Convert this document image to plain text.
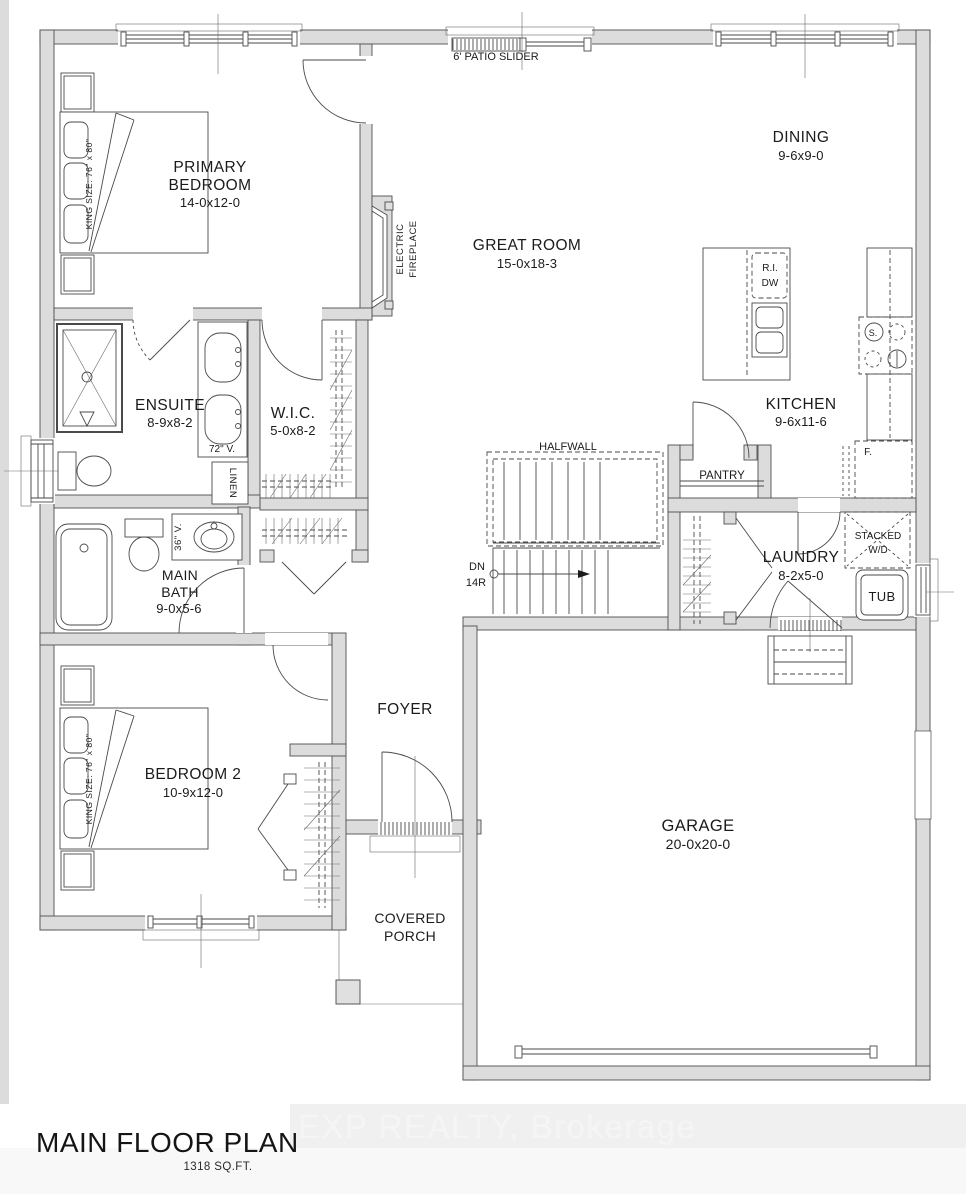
PRIMARY
BEDROOM
14-0x12-0
GREAT ROOM
15-0x18-3
DINING
9-6x9-0
KITCHEN
9-6x11-6
PANTRY
ENSUITE
8-9x8-2
W.I.C.
5-0x8-2
MAIN
BATH
9-0x5-6
BEDROOM 2
10-9x12-0
FOYER
LAUNDRY
8-2x5-0
GARAGE
20-0x20-0
COVERED
PORCH
6' PATIO SLIDER
ELECTRIC FIREPLACE
HALFWALL
DN
14R
KING SIZE: 76" x 80"
KING SIZE: 76" x 80"
R.I.
DW
S.
F.
STACKED
W/D
TUB
LINEN
72" V.
36" V.
MAIN FLOOR PLAN
1318 SQ.FT.
EXP REALTY, Brokerage
